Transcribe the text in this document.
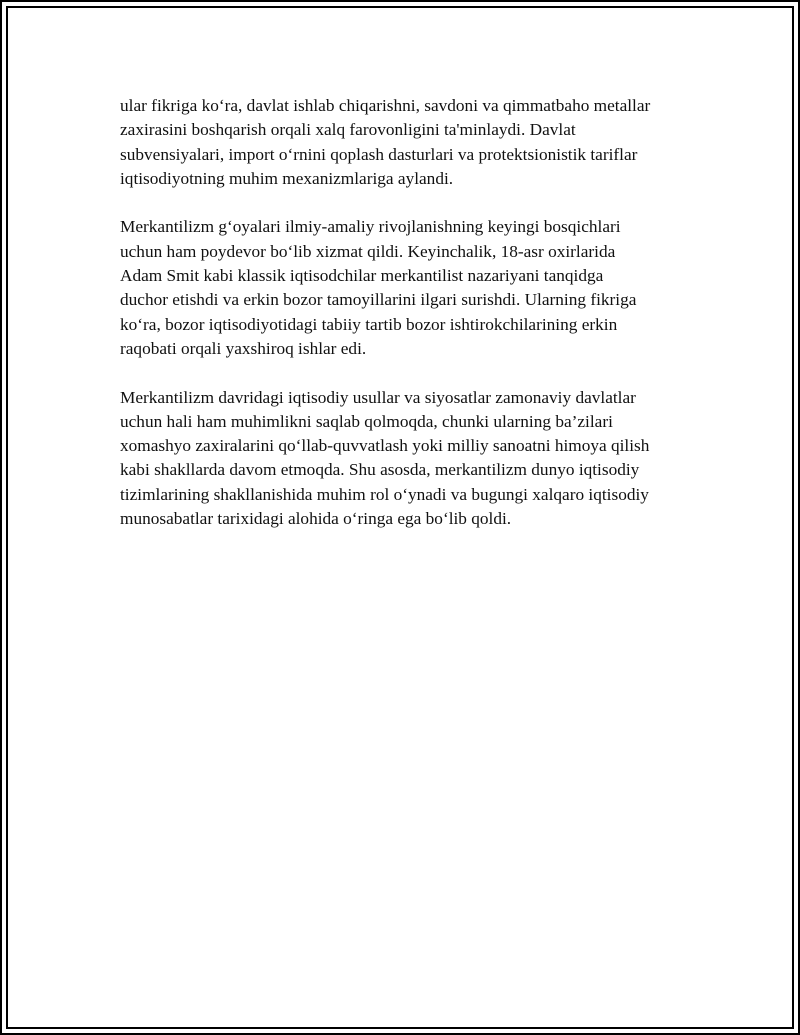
ular fikriga ko‘ra, davlat ishlab chiqarishni, savdoni va qimmatbaho metallar
zaxirasini boshqarish orqali xalq farovonligini ta'minlaydi. Davlat
subvensiyalari, import o‘rnini qoplash dasturlari va protektsionistik tariflar
iqtisodiyotning muhim mexanizmlariga aylandi.

Merkantilizm g‘oyalari ilmiy-amaliy rivojlanishning keyingi bosqichlari
uchun ham poydevor bo‘lib xizmat qildi. Keyinchalik, 18-asr oxirlarida
Adam Smit kabi klassik iqtisodchilar merkantilist nazariyani tanqidga
duchor etishdi va erkin bozor tamoyillarini ilgari surishdi. Ularning fikriga
ko‘ra, bozor iqtisodiyotidagi tabiiy tartib bozor ishtirokchilarining erkin
raqobati orqali yaxshiroq ishlar edi.

Merkantilizm davridagi iqtisodiy usullar va siyosatlar zamonaviy davlatlar
uchun hali ham muhimlikni saqlab qolmoqda, chunki ularning ba’zilari
xomashyo zaxiralarini qo‘llab-quvvatlash yoki milliy sanoatni himoya qilish
kabi shakllarda davom etmoqda. Shu asosda, merkantilizm dunyo iqtisodiy
tizimlarining shakllanishida muhim rol o‘ynadi va bugungi xalqaro iqtisodiy
munosabatlar tarixidagi alohida o‘ringa ega bo‘lib qoldi.
